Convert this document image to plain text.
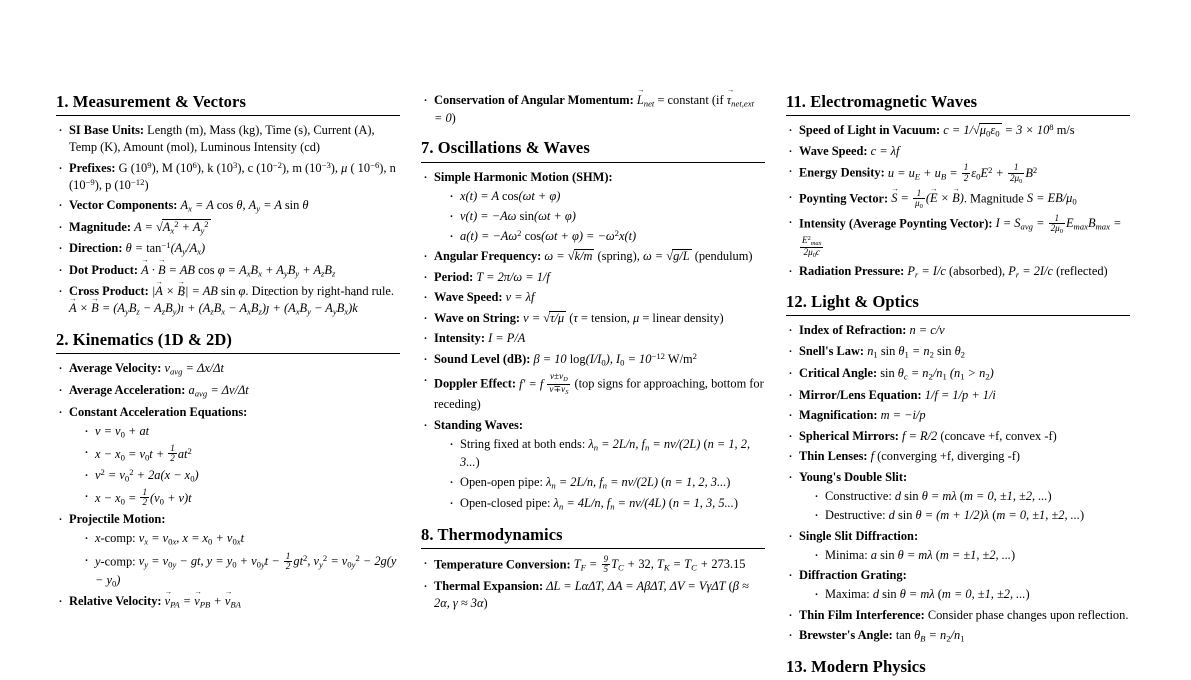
1. Measurement & Vectors
· SI Base Units: Length (m), Mass (kg), Time (s), Current (A), Temp (K), Amount (mol), Luminous Intensity (cd)
· Prefixes: G $(10^9)$, M $(10^6)$, k $(10^3)$, c $(10^{-2})$, m $(10^{-3})$, μ ( $10^{-6}$), n $(10^{-9})$, p $(10^{-12})$
· Vector Components: $A_x = A$ cos θ, $A_y = A$ sin θ
· Magnitude: $A = √A_x^2 + A_y^2$
· Direction: $\theta = \tan^{-1}(A_y/A_x)$
· Dot Product: A → · B → = AB $\cos \varphi = A_xB_x + A_yB_y + A_zB_z$
· Cross Product: |A → × B →| = AB sin φ. Direction by right-hand rule.
A → × B → = ($A_yB_z$ − $A_zB_y)ı$ ˆ + ($A_zB_x$ − $A_xB_z)ȷ$ ˆ + $(A_xB_y - A_yB_x)k$ ˆ
2. Kinematics (1D & 2D)
· Average Velocity: $v_{avg} = \Delta x/\Delta t$
· Average Acceleration: $a_{avg} = \Delta v/\Delta t$
· Constant Acceleration Equations:
· $v = v_0$ + at
· $x - x_0 = v_0t + \frac{1}{2} at^2$
· $v^2 = v_0^2 + 2a(x - x_0)$
· $x - x_0 = \frac{1}{2} (v_0 + v)t$
· Projectile Motion:
· x-comp: $v_x = v_{0x}$, $x = x_0 + v_{0x}t$
· y-comp: $v_y = v_{0y}$ − gt, $y = y_0 + v_{0y}t - \frac{1}{2} gt^2$, $v_y^2 = v_{0y}^2 - 2g(y - y_0)$
· Relative Velocity: $v \to_{PA} = v \to_{PB} + v \to_{BA}$
· Conservation of Angular Momentum: $L \to_{net}$ = constant (if $\tau \to_{net,ext} = 0$)
7. Oscillations & Waves
· Simple Harmonic Motion (SHM):
· x(t) = A cos(ωt + φ)
· v(t) = −Aω sin(ωt + φ)
· $a(t) = -A\omega^2$ $\cos(\omega t + \varphi) = -\omega^2x(t)$
· Angular Frequency: ω = √k/m (spring), ω = √g/L (pendulum)
· Period: T = 2π/ω = 1/f
· Wave Speed: v = λf
· Wave on String: v = √τ/μ (τ = tension, μ = linear density)
· Intensity: I = P/A
· Sound Level (dB): β = 10 $\log(I/I_0)$, $I_0 = 10^{-12}$ $W/m^2$
· Doppler Effect: f′ = f $\frac{v\pm v_D}{v\mp v_S} (top$ signs for approaching, bottom for receding)
· Standing Waves:
· String fixed at both ends: $\lambda_n = 2L/n$, $f_n = nv/(2L) (n = 1$, 2, 3...)
· Open-open pipe: $\lambda_n = 2L/n$, $f_n = nv/(2L) (n = 1$, 2, 3...)
· Open-closed pipe: $\lambda_n = 4L/n$, $f_n = nv/(4L) (n = 1$, 3, 5...)
8. Thermodynamics
· Temperature Conversion: $T_F = \frac{9}{5} T_C + 32$, $T_K = T_C + 273.15$
· Thermal Expansion: ΔL = LαΔT, ΔA = AβΔT, ΔV = VγΔT (β ≈ 2α, γ ≈ 3α)
11. Electromagnetic Waves
· Speed of Light in Vacuum: $c = 1/√\mu_0\varepsilon_0 = 3 \times 10^8$ m/s
· Wave Speed: c = λf
· Energy Density: $u = u_E + u_B = \frac{1}{2} \varepsilon_0E^2 + \frac{1}{2\mu_0} B^2$
· Poynting Vector: S → = $\frac{1}{\mu_0} (E$ → × B →). Magnitude $S = EB/\mu_0$
· Intensity (Average Poynting Vector): $I = S_{avg} = \frac{1}{2\mu_0} E_{max}B_{max}$ =
$\frac{E^2_{max}}{2\mu_0c}$
· Radiation Pressure: $P_r = I/c$ (absorbed), $P_r = 2I/c$ (reflected)
12. Light & Optics
· Index of Refraction: n = c/v
· Snell's Law: $n_1$ $\sin \theta_1 = n_2$ $\sin \theta_2$
· Critical Angle: $\sin \theta_c = n_2/n_1$ $(n_1 > n_2)$
· Mirror/Lens Equation: 1/f = 1/p + 1/i
· Magnification: m = −i/p
· Spherical Mirrors: f = R/2 (concave +f, convex -f)
· Thin Lenses: f (converging +f, diverging -f)
· Young's Double Slit:
· Constructive: d sin θ = mλ (m = 0, ±1, ±2, ...)
· Destructive: d sin θ = (m + 1/2)λ (m = 0, ±1, ±2, ...)
· Single Slit Diffraction:
· Minima: a sin θ = mλ (m = ±1, ±2, ...)
· Diffraction Grating:
· Maxima: d sin θ = mλ (m = 0, ±1, ±2, ...)
· Thin Film Interference: Consider phase changes upon reflection.
· Brewster's Angle: $\tan \theta_B = n_2/n_1$
13. Modern Physics
